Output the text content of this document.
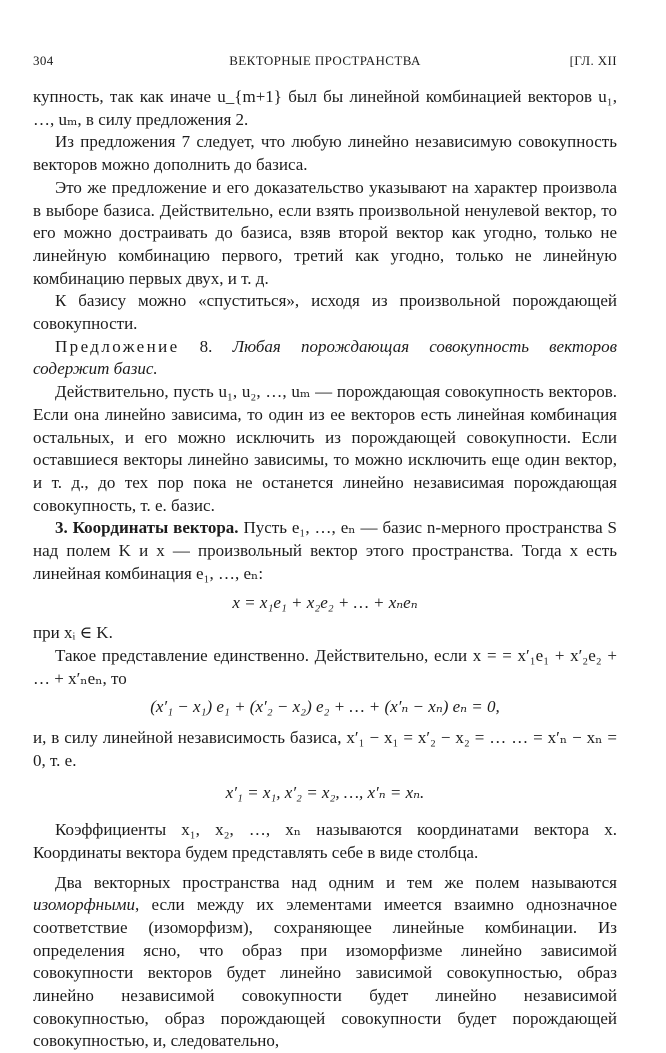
304	ВЕКТОРНЫЕ ПРОСТРАНСТВА	[ГЛ. XII

купность, так как иначе u_{m+1} был бы линейной комбинацией векторов u₁, …, uₘ, в силу предложения 2.

Из предложения 7 следует, что любую линейно независимую совокупность векторов можно дополнить до базиса.

Это же предложение и его доказательство указывают на характер произвола в выборе базиса. Действительно, если взять произвольной ненулевой вектор, то его можно достраивать до базиса, взяв второй вектор как угодно, только не линейную комбинацию первого, третий как угодно, только не линейную комбинацию первых двух, и т. д.

К базису можно «спуститься», исходя из произвольной порождающей совокупности.

Предложение 8. Любая порождающая совокупность векторов содержит базис.

Действительно, пусть u₁, u₂, …, uₘ — порождающая совокупность векторов. Если она линейно зависима, то один из ее векторов есть линейная комбинация остальных, и его можно исключить из порождающей совокупности. Если оставшиеся векторы линейно зависимы, то можно исключить еще один вектор, и т. д., до тех пор пока не останется линейно независимая порождающая совокупность, т. е. базис.

3. Координаты вектора. Пусть e₁, …, eₙ — базис n-мерного пространства S над полем K и x — произвольный вектор этого пространства. Тогда x есть линейная комбинация e₁, …, eₙ:

x = x₁e₁ + x₂e₂ + … + xₙeₙ

при xᵢ ∈ K.

Такое представление единственно. Действительно, если x = = x′₁e₁ + x′₂e₂ + … + x′ₙeₙ, то

(x′₁ − x₁) e₁ + (x′₂ − x₂) e₂ + … + (x′ₙ − xₙ) eₙ = 0,

и, в силу линейной независимость базиса, x′₁ − x₁ = x′₂ − x₂ = … … = x′ₙ − xₙ = 0, т. е.

x′₁ = x₁, x′₂ = x₂, …, x′ₙ = xₙ.

Коэффициенты x₁, x₂, …, xₙ называются координатами вектора x. Координаты вектора будем представлять себе в виде столбца.

Два векторных пространства над одним и тем же полем называются изоморфными, если между их элементами имеется взаимно однозначное соответствие (изоморфизм), сохраняющее линейные комбинации. Из определения ясно, что образ при изоморфизме линейно зависимой совокупности векторов будет линейно зависимой совокупностью, образ линейно независимой совокупности будет линейно независимой совокупностью, образ порождающей совокупности будет порождающей совокупностью, и, следовательно,
